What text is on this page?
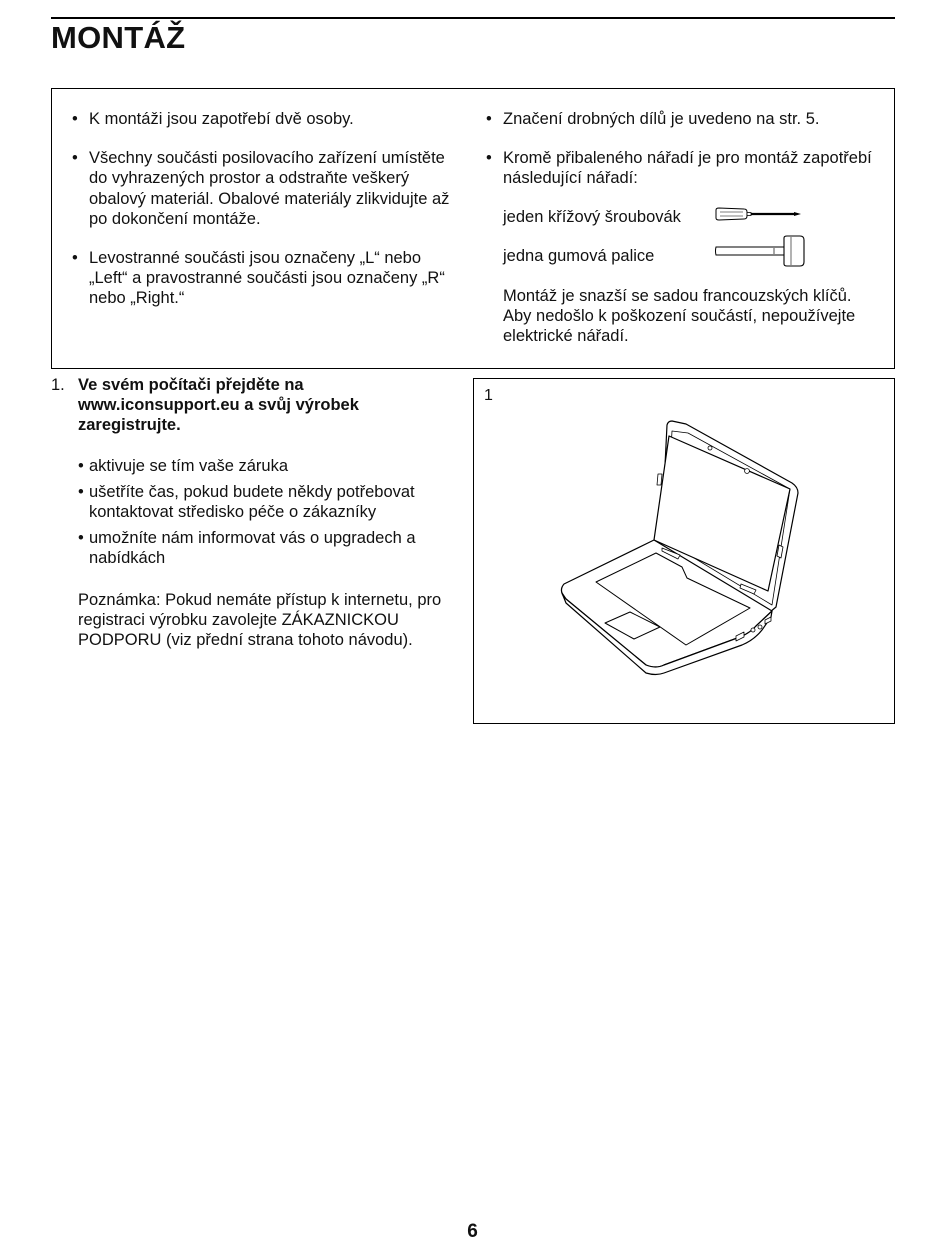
MONTÁŽ
• K montáži jsou zapotřebí dvě osoby.
• Všechny součásti posilovacího zařízení umístěte do vyhrazených prostor a odstraňte veškerý obalový materiál. Obalové materiály zlikvidujte až po dokončení montáže.
• Levostranné součásti jsou označeny „L“ nebo „Left“ a pravostranné součásti jsou označeny „R“ nebo „Right.“
• Značení drobných dílů je uvedeno na str. 5.
• Kromě přibaleného nářadí je pro montáž zapotřebí následující nářadí:
jeden křížový šroubovák
jedna gumová palice
Montáž je snazší se sadou francouzských klíčů. Aby nedošlo k poškození součástí, nepoužívejte elektrické nářadí.
1. Ve svém počítači přejděte na www.iconsupport.eu a svůj výrobek zaregistrujte.
• aktivuje se tím vaše záruka
• ušetříte čas, pokud budete někdy potřebovat kontaktovat středisko péče o zákazníky
• umožníte nám informovat vás o upgradech a nabídkách
Poznámka: Pokud nemáte přístup k internetu, pro registraci výrobku zavolejte ZÁKAZNICKOU PODPORU (viz přední strana tohoto návodu).
1
6
